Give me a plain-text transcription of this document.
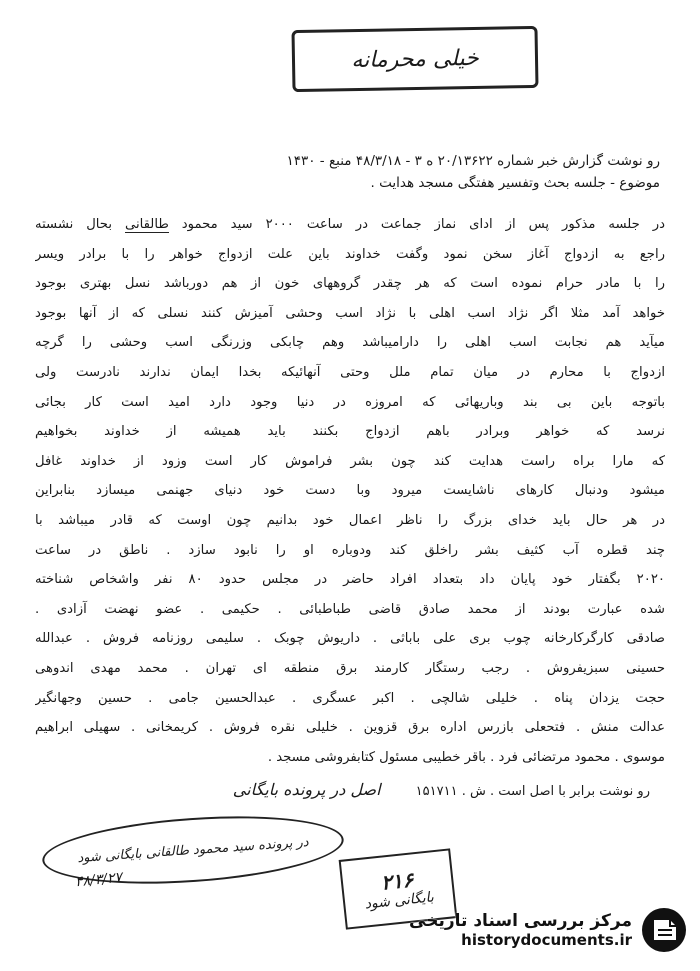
خیلی محرمانه
رو نوشت گزارش خبر شماره ۲۰/۱۳۶۲۲ ه ۳ - ۴۸/۳/۱۸ منبع - ۱۴۳۰
موضوع - جلسه بحث وتفسیر هفتگی مسجد هدایت .
در جلسه مذکور پس از ادای نماز جماعت در ساعت ۲۰۰۰ سید محمود طالقانی بحال نشسته
راجع به ازدواج آغاز سخن نمود وگفت خداوند باین علت ازدواج خواهر را با برادر ویسر
را با مادر حرام نموده است که هر چقدر گروههای خون از هم دورباشد نسل بهتری بوجود
خواهد آمد مثلا اگر نژاد اسب اهلی با نژاد اسب وحشی آمیزش کنند نسلی که از آنها بوجود
میآید هم نجابت اسب اهلی را دارامیباشد وهم چابکی وزرنگی اسب وحشی را گرچه
ازدواج با محارم در میان تمام ملل وحتی آنهائیکه بخدا ایمان ندارند نادرست ولی
باتوجه باین بی بند وباریهائی که امروزه در دنیا وجود دارد امید است کار بجائی
نرسد که خواهر وبرادر باهم ازدواج بکنند باید همیشه از خداوند بخواهیم
که مارا براه راست هدایت کند چون بشر فراموش کار است وزود از خداوند غافل
میشود ودنبال کارهای ناشایست میرود وبا دست خود دنیای جهنمی میسازد بنابراین
در هر حال باید خدای بزرگ را ناظر اعمال خود بدانیم چون اوست که قادر میباشد با
چند قطره آب کثیف بشر راخلق کند ودوباره او را نابود سازد . ناطق در ساعت
۲۰۲۰ بگفتار خود پایان داد بتعداد افراد حاضر در مجلس حدود ۸۰ نفر واشخاص شناخته
شده عبارت بودند از محمد صادق قاضی طباطبائی . حکیمی . عضو نهضت آزادی .
صادقی کارگرکارخانه چوب بری علی باباثی . داریوش چوبک . سلیمی روزنامه فروش . عبدالله
حسینی سبزیفروش . رجب رستگار کارمند برق منطقه ای تهران . محمد مهدی اندوهی
حجت یزدان پناه . خلیلی شالچی . اکبر عسگری . عبدالحسین جامی . حسین وجهانگیر
عدالت منش . فتحعلی بازرس اداره برق قزوین . خلیلی نقره فروش . کریمخانی . سهیلی ابراهیم
موسوی . محمود مرتضائی فرد . باقر خطیبی مسئول کتابفروشی مسجد .
رو نوشت برابر با اصل است . ش . ۱۵۱۷۱۱ اصل در پرونده بایگانی
در پرونده سید محمود طالقانی بایگانی شود
۴۸/۳/۲۷	۲۱۶
بایگانی شود
مرکز بررسی اسناد تاریخی
historydocuments.ir
